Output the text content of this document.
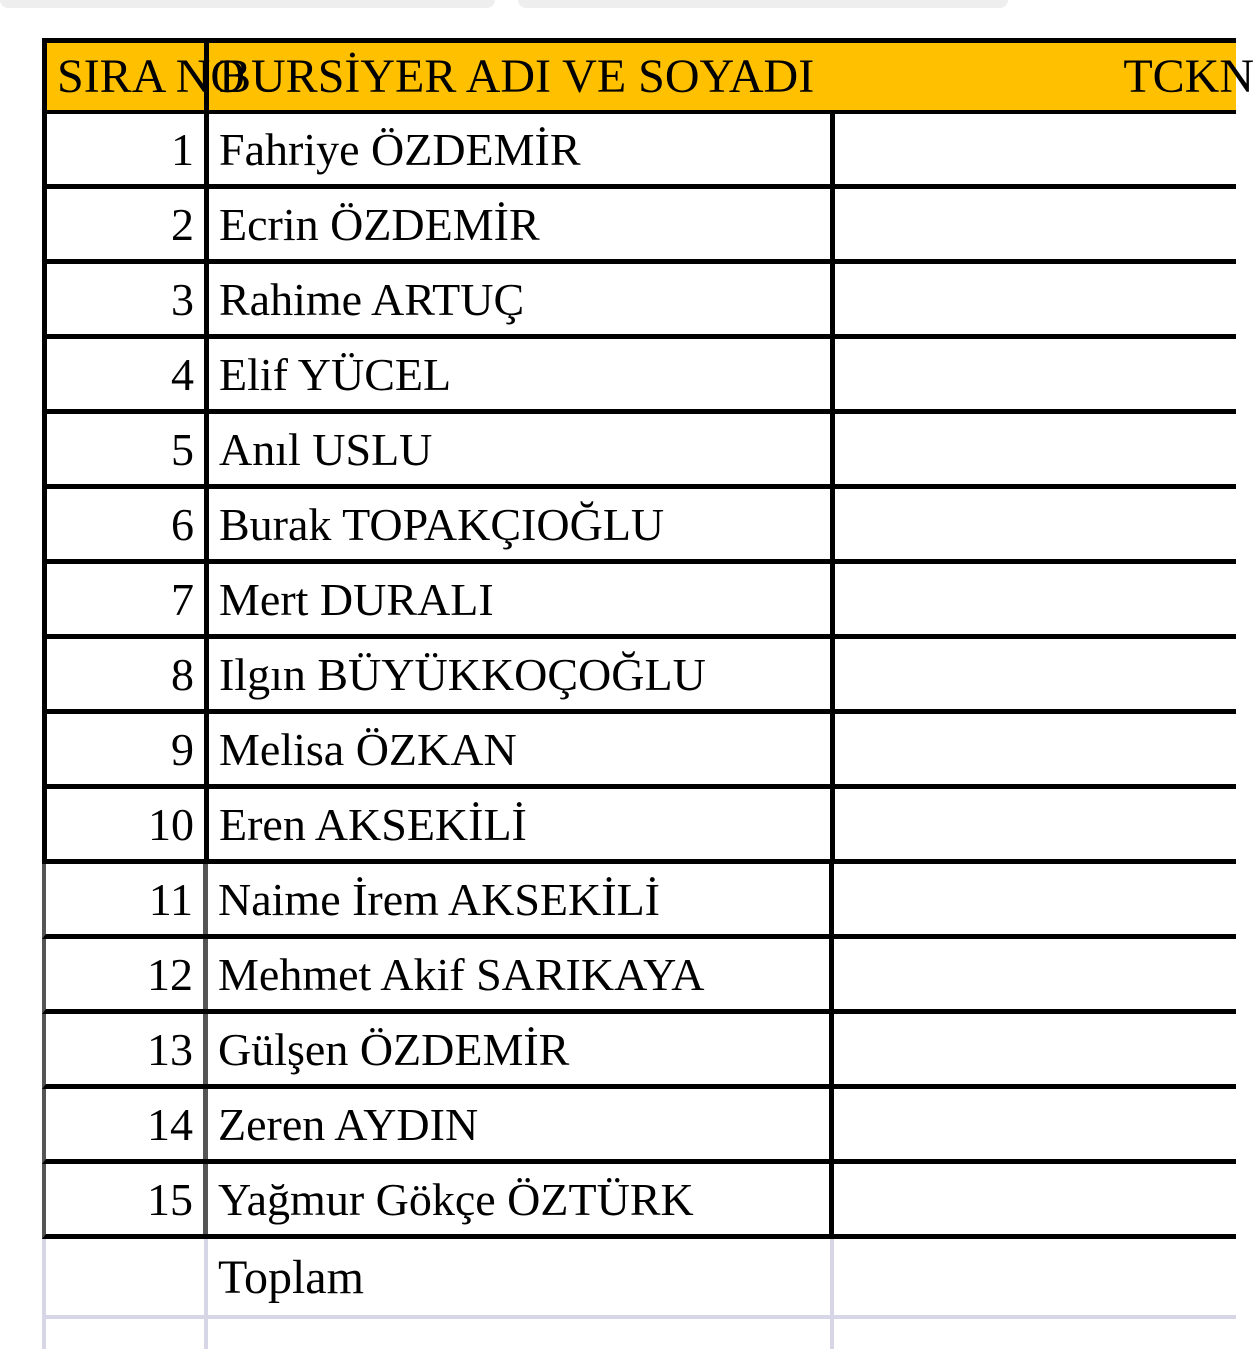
SIRA NO
BURSİYER ADI VE SOYADI	TCKN
1 Fahriye ÖZDEMİR
2 Ecrin ÖZDEMİR
3 Rahime ARTUÇ
4 Elif YÜCEL
5 Anıl USLU
6 Burak TOPAKÇIOĞLU
7 Mert DURALI
8 Ilgın BÜYÜKKOÇOĞLU
9 Melisa ÖZKAN
10 Eren AKSEKİLİ
11 Naime İrem AKSEKİLİ
12 Mehmet Akif SARIKAYA
13 Gülşen ÖZDEMİR
14 Zeren AYDIN
15 Yağmur Gökçe ÖZTÜRK
Toplam
